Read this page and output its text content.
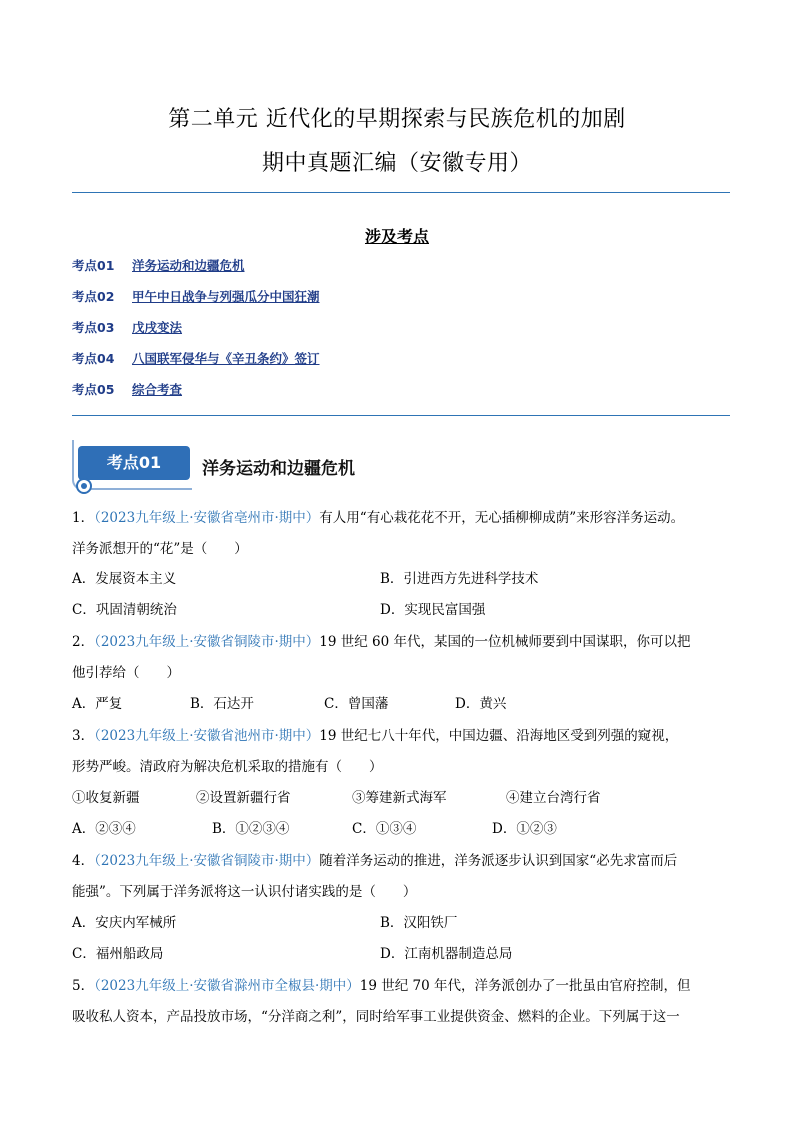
第二单元 近代化的早期探索与民族危机的加剧
期中真题汇编（安徽专用）
涉及考点
考点01 洋务运动和边疆危机
考点02 甲午中日战争与列强瓜分中国狂潮
考点03 戊戌变法
考点04 八国联军侵华与《辛丑条约》签订
考点05 综合考查
考点01	洋务运动和边疆危机
1．（2023九年级上·安徽省亳州市·期中）有人用“有心栽花花不开，无心插柳柳成荫”来形容洋务运动。
洋务派想开的“花”是（　　）
A．发展资本主义	B．引进西方先进科学技术
C．巩固清朝统治	D．实现民富国强
2．（2023九年级上·安徽省铜陵市·期中）19 世纪 60 年代，某国的一位机械师要到中国谋职，你可以把
他引荐给（　　）
A．严复	B．石达开	C．曾国藩	D．黄兴
3．（2023九年级上·安徽省池州市·期中）19 世纪七八十年代，中国边疆、沿海地区受到列强的窥视，
形势严峻。清政府为解决危机采取的措施有（　　）
①收复新疆	②设置新疆行省	③筹建新式海军	④建立台湾行省
A．②③④	B．①②③④	C．①③④	D．①②③
4．（2023九年级上·安徽省铜陵市·期中）随着洋务运动的推进，洋务派逐步认识到国家“必先求富而后
能强”。下列属于洋务派将这一认识付诸实践的是（　　）
A．安庆内军械所	B．汉阳铁厂
C．福州船政局	D．江南机器制造总局
5．（2023九年级上·安徽省滁州市全椒县·期中）19 世纪 70 年代，洋务派创办了一批虽由官府控制，但
吸收私人资本，产品投放市场，“分洋商之利”，同时给军事工业提供资金、燃料的企业。下列属于这一
